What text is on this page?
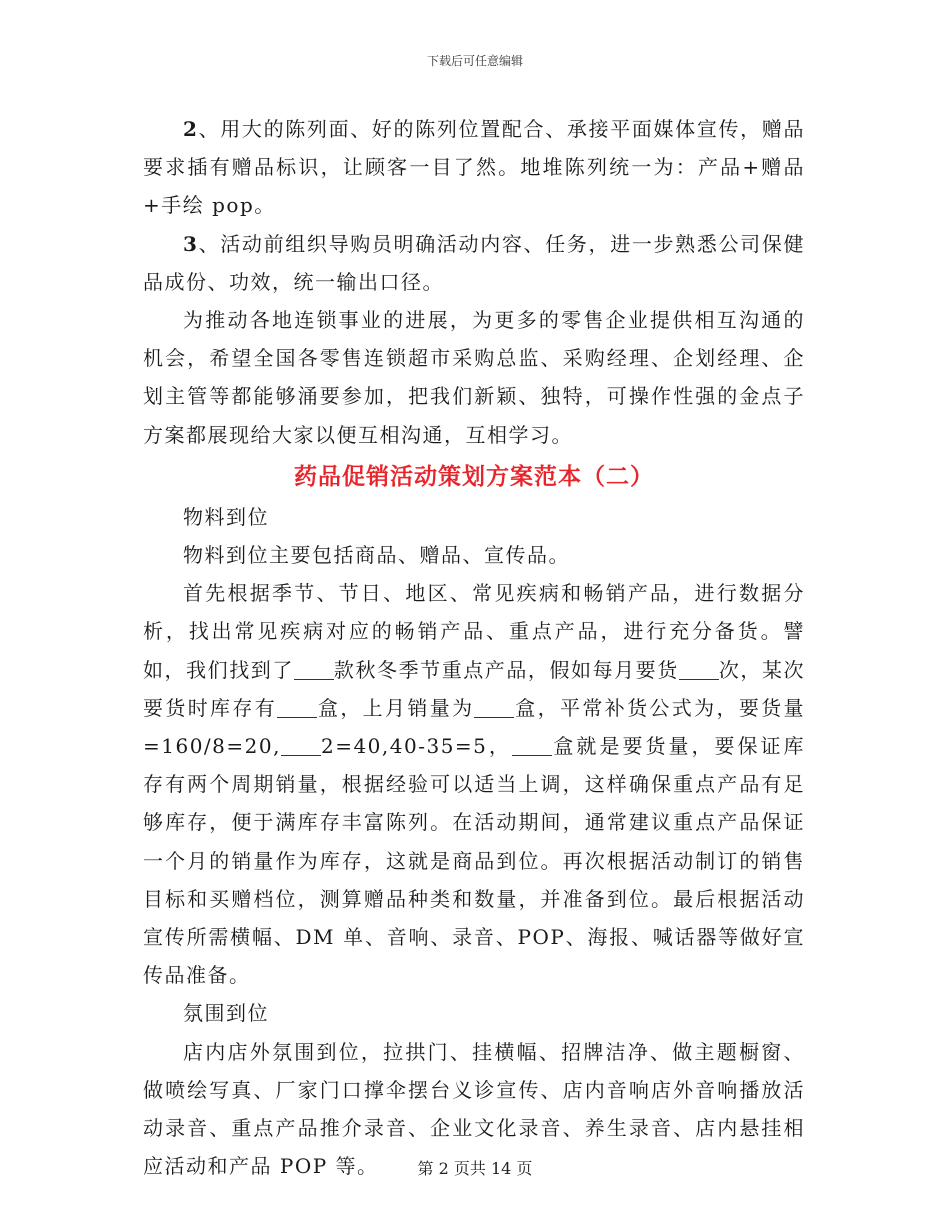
下载后可任意编辑

2、用大的陈列面、好的陈列位置配合、承接平面媒体宣传，赠品要求插有赠品标识，让顾客一目了然。地堆陈列统一为：产品+赠品+手绘 pop。

3、活动前组织导购员明确活动内容、任务，进一步熟悉公司保健品成份、功效，统一输出口径。

为推动各地连锁事业的进展，为更多的零售企业提供相互沟通的机会，希望全国各零售连锁超市采购总监、采购经理、企划经理、企划主管等都能够涌要参加，把我们新颖、独特，可操作性强的金点子方案都展现给大家以便互相沟通，互相学习。

药品促销活动策划方案范本（二）

物料到位

物料到位主要包括商品、赠品、宣传品。

首先根据季节、节日、地区、常见疾病和畅销产品，进行数据分析，找出常见疾病对应的畅销产品、重点产品，进行充分备货。譬如，我们找到了 款秋冬季节重点产品，假如每月要货 次，某次要货时库存有 盒，上月销量为 盒，平常补货公式为，要货量=160/8=20, 2=40,40-35=5， 盒就是要货量，要保证库存有两个周期销量，根据经验可以适当上调，这样确保重点产品有足够库存，便于满库存丰富陈列。在活动期间，通常建议重点产品保证一个月的销量作为库存，这就是商品到位。再次根据活动制订的销售目标和买赠档位，测算赠品种类和数量，并准备到位。最后根据活动宣传所需横幅、DM 单、音响、录音、POP、海报、喊话器等做好宣传品准备。

氛围到位

店内店外氛围到位，拉拱门、挂横幅、招牌洁净、做主题橱窗、做喷绘写真、厂家门口撑伞摆台义诊宣传、店内音响店外音响播放活动录音、重点产品推介录音、企业文化录音、养生录音、店内悬挂相应活动和产品 POP 等。	第 2 页共 14 页
